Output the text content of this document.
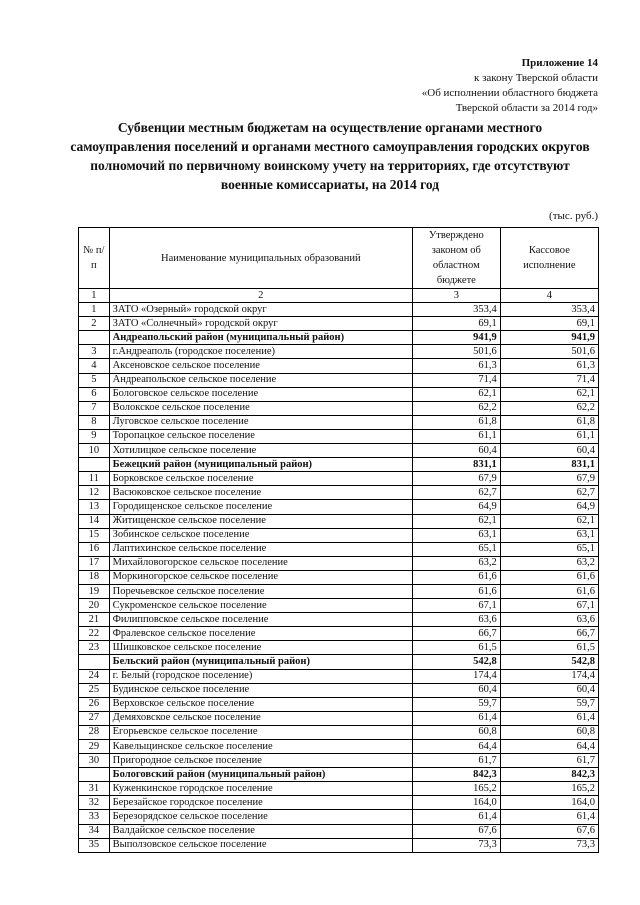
Приложение 14
к закону Тверской области
«Об исполнении областного бюджета
Тверской области за 2014 год»
Субвенции местным бюджетам на осуществление органами местного
самоуправления поселений и органами местного самоуправления городских округов
полномочий по первичному воинскому учету на территориях, где отсутствуют
военные комиссариаты, на 2014 год
(тыс. руб.)
№ п/п	Наименование муниципальных образований	Утверждено законом об областном бюджете	Кассовое исполнение
1	2	3	4
1	ЗАТО «Озерный» городской округ	353,4	353,4
2	ЗАТО «Солнечный» городской округ	69,1	69,1
	Андреапольский район (муниципальный район)	941,9	941,9
3	г.Андреаполь (городское поселение)	501,6	501,6
4	Аксеновское сельское поселение	61,3	61,3
5	Андреапольское сельское поселение	71,4	71,4
6	Бологовское сельское поселение	62,1	62,1
7	Волокское сельское поселение	62,2	62,2
8	Луговское сельское поселение	61,8	61,8
9	Торопацкое сельское поселение	61,1	61,1
10	Хотилицкое сельское поселение	60,4	60,4
	Бежецкий район (муниципальный район)	831,1	831,1
11	Борковское сельское поселение	67,9	67,9
12	Васюковское сельское поселение	62,7	62,7
13	Городищенское сельское поселение	64,9	64,9
14	Житищенское сельское поселение	62,1	62,1
15	Зобинское сельское поселение	63,1	63,1
16	Лаптихинское сельское поселение	65,1	65,1
17	Михайловогорское сельское поселение	63,2	63,2
18	Моркиногорское сельское поселение	61,6	61,6
19	Поречьевское сельское поселение	61,6	61,6
20	Сукроменское сельское поселение	67,1	67,1
21	Филипповское сельское поселение	63,6	63,6
22	Фралевское сельское поселение	66,7	66,7
23	Шишковское сельское поселение	61,5	61,5
	Бельский район (муниципальный район)	542,8	542,8
24	г. Белый (городское поселение)	174,4	174,4
25	Будинское сельское поселение	60,4	60,4
26	Верховское сельское поселение	59,7	59,7
27	Демяховское сельское поселение	61,4	61,4
28	Егорьевское сельское поселение	60,8	60,8
29	Кавельщинское сельское поселение	64,4	64,4
30	Пригородное сельское поселение	61,7	61,7
	Бологовский район (муниципальный район)	842,3	842,3
31	Куженкинское городское поселение	165,2	165,2
32	Березайское городское поселение	164,0	164,0
33	Березорядское сельское поселение	61,4	61,4
34	Валдайское сельское поселение	67,6	67,6
35	Выползовское сельское поселение	73,3	73,3
